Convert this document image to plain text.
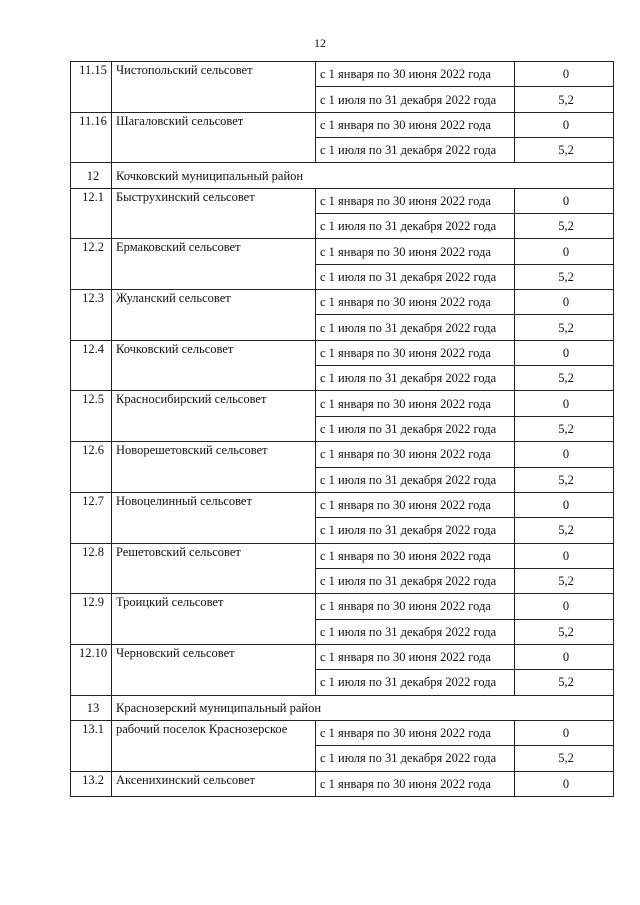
12
11.15	Чистопольский сельсовет	с 1 января по 30 июня 2022 года	0
		с 1 июля по 31 декабря 2022 года	5,2
11.16	Шагаловский сельсовет	с 1 января по 30 июня 2022 года	0
		с 1 июля по 31 декабря 2022 года	5,2
12	Кочковский муниципальный район		
12.1	Быструхинский сельсовет	с 1 января по 30 июня 2022 года	0
		с 1 июля по 31 декабря 2022 года	5,2
12.2	Ермаковский сельсовет	с 1 января по 30 июня 2022 года	0
		с 1 июля по 31 декабря 2022 года	5,2
12.3	Жуланский сельсовет	с 1 января по 30 июня 2022 года	0
		с 1 июля по 31 декабря 2022 года	5,2
12.4	Кочковский сельсовет	с 1 января по 30 июня 2022 года	0
		с 1 июля по 31 декабря 2022 года	5,2
12.5	Красносибирский сельсовет	с 1 января по 30 июня 2022 года	0
		с 1 июля по 31 декабря 2022 года	5,2
12.6	Новорешетовский сельсовет	с 1 января по 30 июня 2022 года	0
		с 1 июля по 31 декабря 2022 года	5,2
12.7	Новоцелинный сельсовет	с 1 января по 30 июня 2022 года	0
		с 1 июля по 31 декабря 2022 года	5,2
12.8	Решетовский сельсовет	с 1 января по 30 июня 2022 года	0
		с 1 июля по 31 декабря 2022 года	5,2
12.9	Троицкий сельсовет	с 1 января по 30 июня 2022 года	0
		с 1 июля по 31 декабря 2022 года	5,2
12.10	Черновский сельсовет	с 1 января по 30 июня 2022 года	0
		с 1 июля по 31 декабря 2022 года	5,2
13	Краснозерский муниципальный район		
13.1	рабочий поселок Краснозерское	с 1 января по 30 июня 2022 года	0
		с 1 июля по 31 декабря 2022 года	5,2
13.2	Аксенихинский сельсовет	с 1 января по 30 июня 2022 года	0
